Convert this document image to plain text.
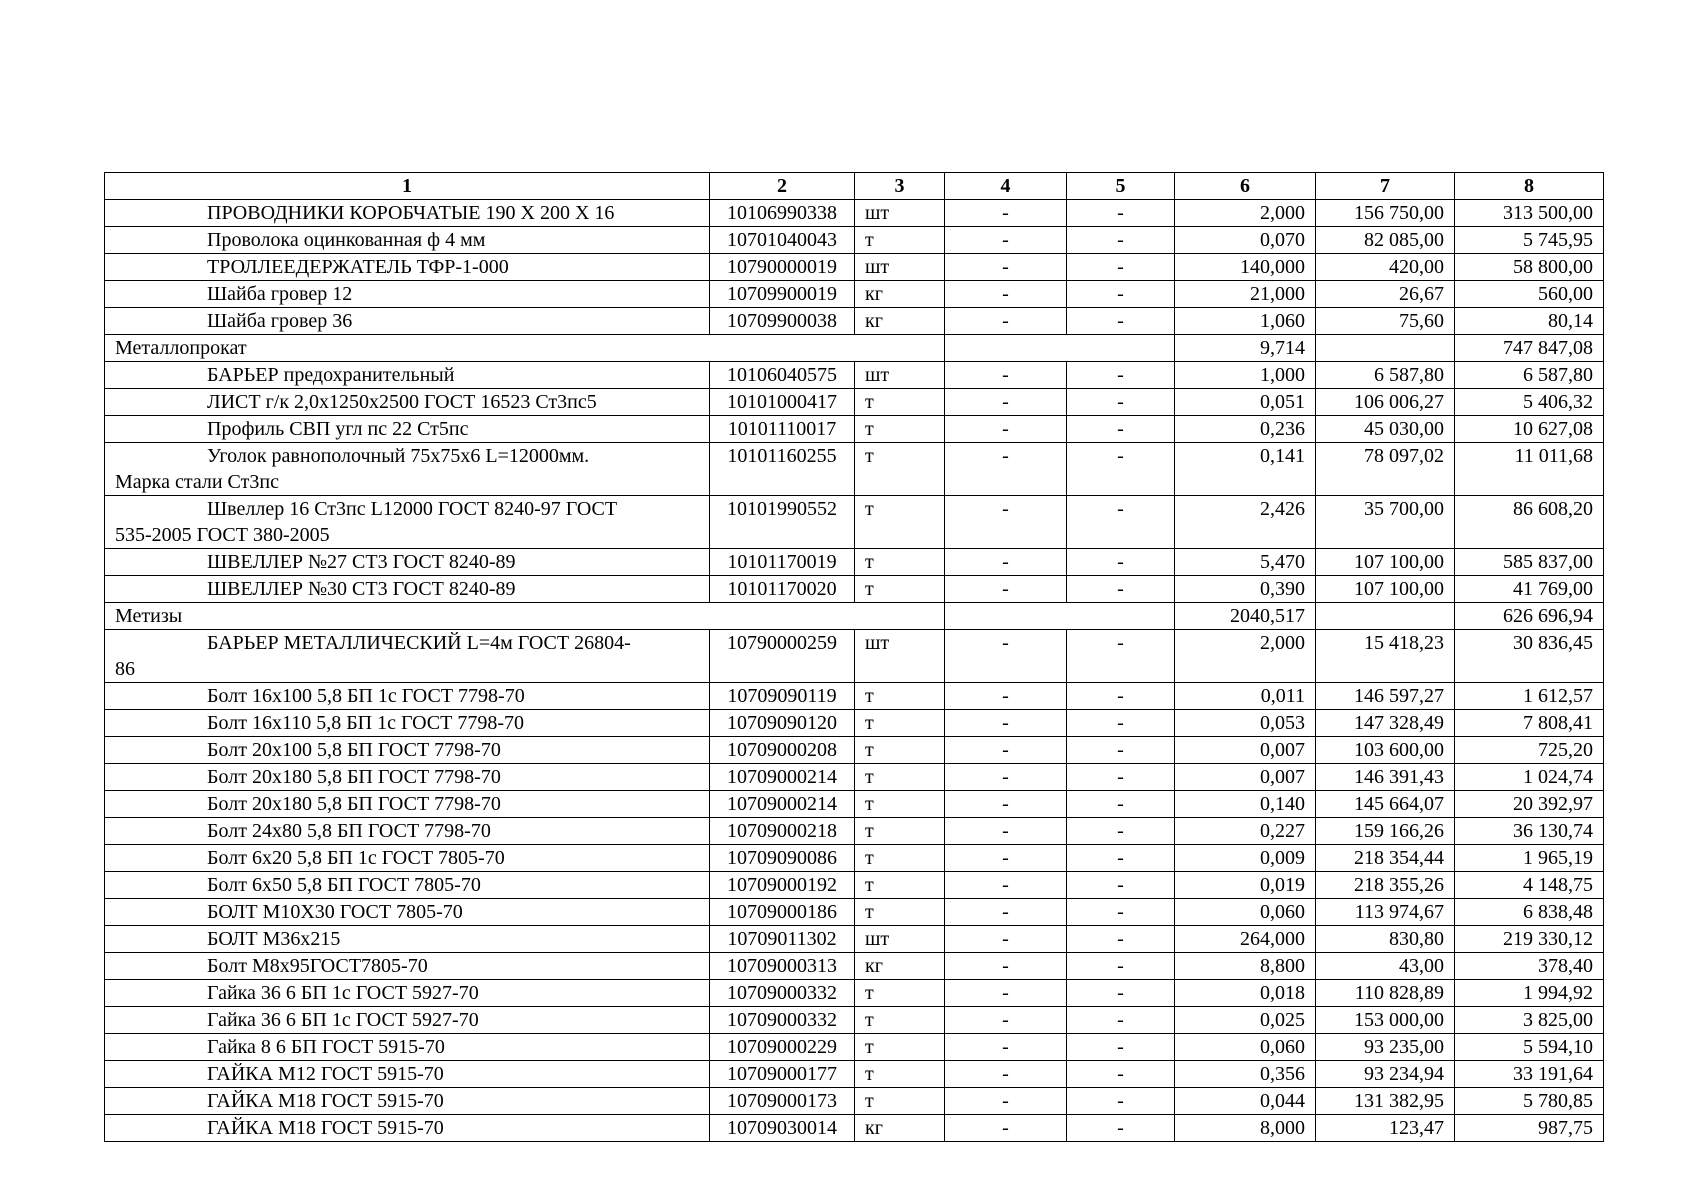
1	2	3	4	5	6	7	8

ПРОВОДНИКИ КОРОБЧАТЫЕ 190 X 200 X 16	10106990338	шт	-	-	2,000	156 750,00	313 500,00

Проволока оцинкованная ф 4 мм	10701040043	т	-	-	0,070	82 085,00	5 745,95

ТРОЛЛЕЕДЕРЖАТЕЛЬ ТФР-1-000	10790000019	шт	-	-	140,000	420,00	58 800,00

Шайба гровер 12	10709900019	кг	-	-	21,000	26,67	560,00

Шайба гровер 36	10709900038	кг	-	-	1,060	75,60	80,14
Металлопрокат					9,714		747 847,08

БАРЬЕР предохранительный	10106040575	шт	-	-	1,000	6 587,80	6 587,80

ЛИСТ г/к 2,0х1250х2500 ГОСТ 16523 Ст3пс5	10101000417	т	-	-	0,051	106 006,27	5 406,32

Профиль СВП угл пс 22 Ст5пс	10101110017	т	-	-	0,236	45 030,00	10 627,08

Уголок равнополочный 75х75х6 L=12000мм.
Марка стали Ст3пс	10101160255	т	-	-	0,141	78 097,02	11 011,68

Швеллер 16 Ст3пс L12000 ГОСТ 8240-97 ГОСТ
535-2005 ГОСТ 380-2005	10101990552	т	-	-	2,426	35 700,00	86 608,20

ШВЕЛЛЕР №27 СТ3 ГОСТ 8240-89	10101170019	т	-	-	5,470	107 100,00	585 837,00

ШВЕЛЛЕР №30 СТ3 ГОСТ 8240-89	10101170020	т	-	-	0,390	107 100,00	41 769,00
Метизы					2040,517		626 696,94

БАРЬЕР МЕТАЛЛИЧЕСКИЙ L=4м ГОСТ 26804-
86	10790000259	шт	-	-	2,000	15 418,23	30 836,45

Болт 16х100 5,8 БП 1с ГОСТ 7798-70	10709090119	т	-	-	0,011	146 597,27	1 612,57

Болт 16х110 5,8 БП 1с ГОСТ 7798-70	10709090120	т	-	-	0,053	147 328,49	7 808,41

Болт 20х100 5,8 БП ГОСТ 7798-70	10709000208	т	-	-	0,007	103 600,00	725,20

Болт 20х180 5,8 БП ГОСТ 7798-70	10709000214	т	-	-	0,007	146 391,43	1 024,74

Болт 20х180 5,8 БП ГОСТ 7798-70	10709000214	т	-	-	0,140	145 664,07	20 392,97

Болт 24х80 5,8 БП ГОСТ 7798-70	10709000218	т	-	-	0,227	159 166,26	36 130,74

Болт 6х20 5,8 БП 1с ГОСТ 7805-70	10709090086	т	-	-	0,009	218 354,44	1 965,19

Болт 6х50 5,8 БП ГОСТ 7805-70	10709000192	т	-	-	0,019	218 355,26	4 148,75

БОЛТ М10Х30 ГОСТ 7805-70	10709000186	т	-	-	0,060	113 974,67	6 838,48

БОЛТ М36х215	10709011302	шт	-	-	264,000	830,80	219 330,12

Болт М8х95ГОСТ7805-70	10709000313	кг	-	-	8,800	43,00	378,40

Гайка 36 6 БП 1с ГОСТ 5927-70	10709000332	т	-	-	0,018	110 828,89	1 994,92

Гайка 36 6 БП 1с ГОСТ 5927-70	10709000332	т	-	-	0,025	153 000,00	3 825,00

Гайка 8 6 БП ГОСТ 5915-70	10709000229	т	-	-	0,060	93 235,00	5 594,10

ГАЙКА М12 ГОСТ 5915-70	10709000177	т	-	-	0,356	93 234,94	33 191,64

ГАЙКА М18 ГОСТ 5915-70	10709000173	т	-	-	0,044	131 382,95	5 780,85

ГАЙКА М18 ГОСТ 5915-70	10709030014	кг	-	-	8,000	123,47	987,75
